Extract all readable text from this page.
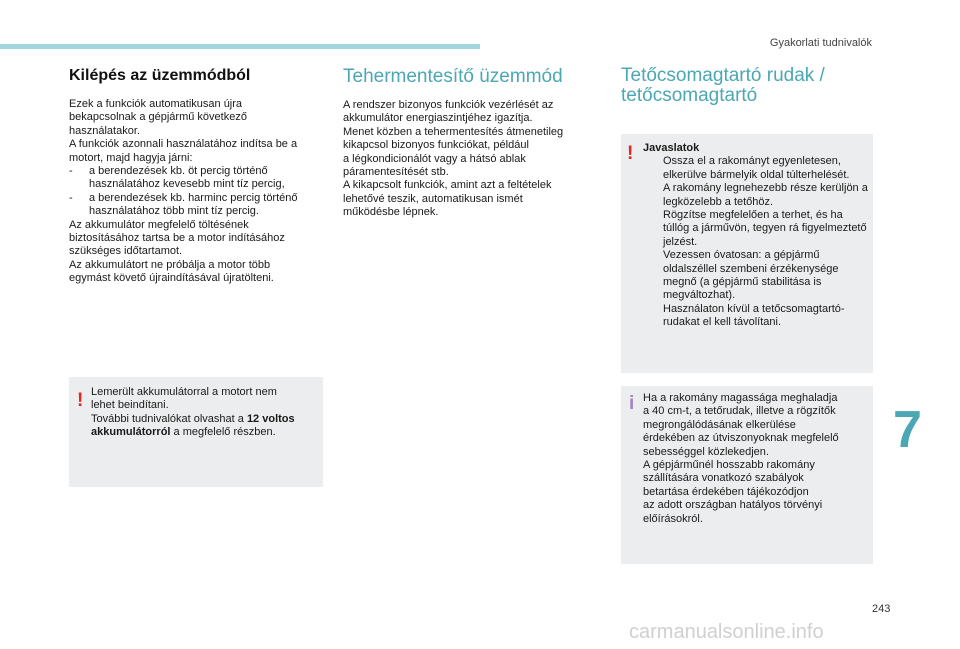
Gyakorlati tudnivalók
Kilépés az üzemmódból
Ezek a funkciók automatikusan újra
bekapcsolnak a gépjármű következő
használatakor.
A funkciók azonnali használatához indítsa be a
motort, majd hagyja járni:
-	a berendezések kb. öt percig történő használatához kevesebb mint tíz percig,
-	a berendezések kb. harminc percig történő használatához több mint tíz percig.
Az akkumulátor megfelelő töltésének
biztosításához tartsa be a motor indításához
szükséges időtartamot.
Az akkumulátort ne próbálja a motor több
egymást követő újraindításával újratölteni.
! Lemerült akkumulátorral a motort nem
lehet beindítani.
További tudnivalókat olvashat a 12 voltos
akkumulátorról a megfelelő részben.
Tehermentesítő üzemmód
A rendszer bizonyos funkciók vezérlését az
akkumulátor energiaszintjéhez igazítja.
Menet közben a tehermentesítés átmenetileg
kikapcsol bizonyos funkciókat, például
a légkondicionálót vagy a hátsó ablak
páramentesítését stb.
A kikapcsolt funkciók, amint azt a feltételek
lehetővé teszik, automatikusan ismét
működésbe lépnek.
Tetőcsomagtartó rudak /
tetőcsomagtartó
! Javaslatok
Ossza el a rakományt egyenletesen, elkerülve bármelyik oldal túlterhelését.
A rakomány legnehezebb része kerüljön a legközelebb a tetőhöz.
Rögzítse megfelelően a terhet, és ha túllóg a járművön, tegyen rá figyelmeztető jelzést.
Vezessen óvatosan: a gépjármű oldalszéllel szembeni érzékenysége megnő (a gépjármű stabilitása is megváltozhat).
Használaton kívül a tetőcsomagtartó-rudakat el kell távolítani.
i Ha a rakomány magassága meghaladja
a 40 cm-t, a tetőrudak, illetve a rögzítők
megrongálódásának elkerülése
érdekében az útviszonyoknak megfelelő
sebességgel közlekedjen.
A gépjárműnél hosszabb rakomány
szállítására vonatkozó szabályok
betartása érdekében tájékozódjon
az adott országban hatályos törvényi
előírásokról.
7
243
carmanualsonline.info
